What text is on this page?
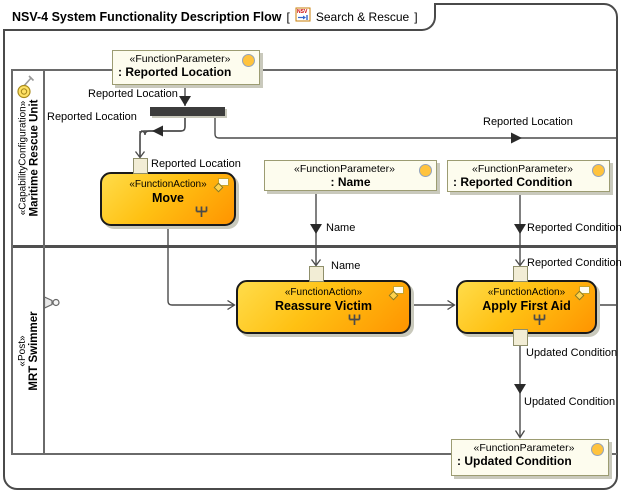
NSV-4 System Functionality Description Flow [ NSV Search & Rescue ]
«CapabilityConfiguration» Maritime Rescue Unit
«Post» MRT Swimmer
«FunctionParameter»
: Reported Location
«FunctionParameter»
: Name
«FunctionParameter»
: Reported Condition
«FunctionParameter»
: Updated Condition
«FunctionAction»
Move
«FunctionAction»
Reassure Victim
«FunctionAction»
Apply First Aid
Reported Location
Reported Location
Reported Location
Reported Location
Name
Name
Reported Condition
Reported Condition
Updated Condition
Updated Condition
